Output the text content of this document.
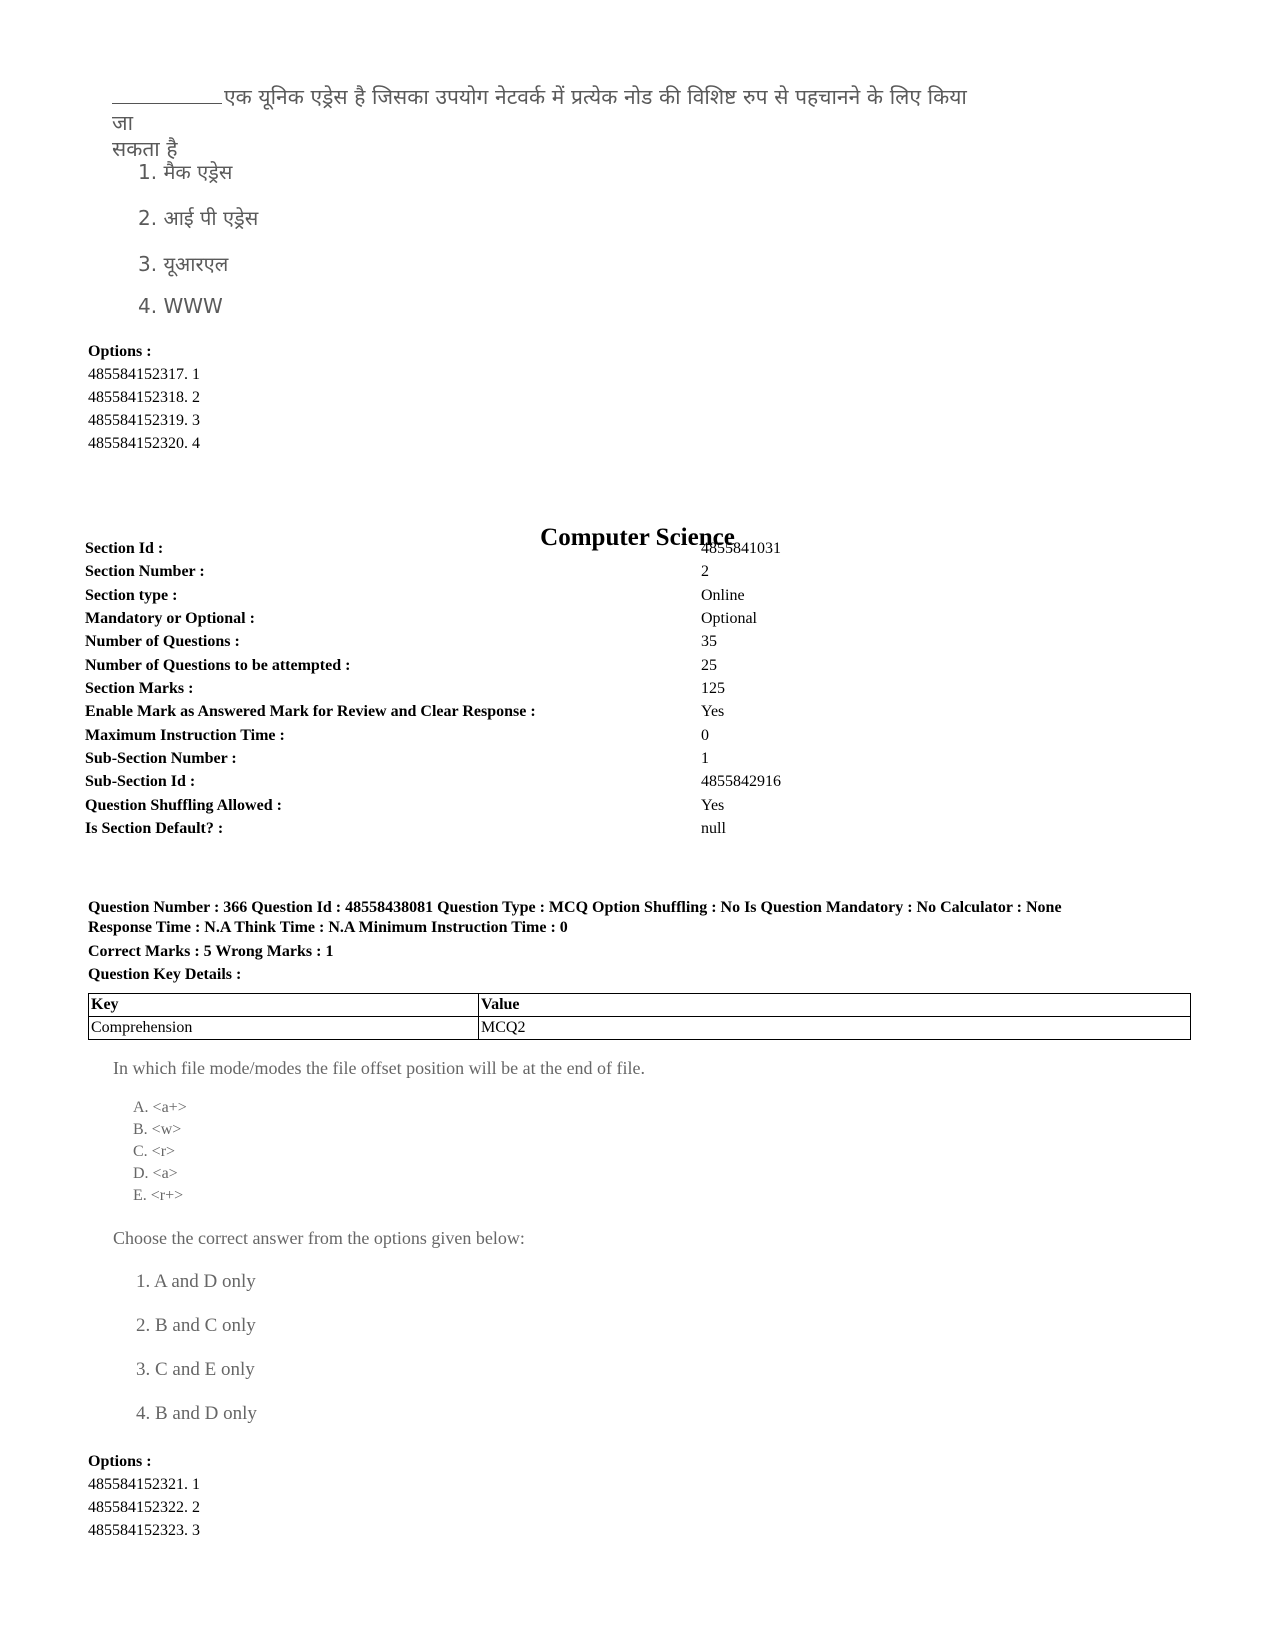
एक यूनिक एड्रेस है जिसका उपयोग नेटवर्क में प्रत्येक नोड की विशिष्ट रुप से पहचानने के लिए किया जा
सकता है
1. मैक एड्रेस
2. आई पी एड्रेस
3. यूआरएल
4. WWW
Options :
485584152317. 1
485584152318. 2
485584152319. 3
485584152320. 4
Computer Science
Section Id :	4855841031
Section Number :	2
Section type :	Online
Mandatory or Optional :	Optional
Number of Questions :	35
Number of Questions to be attempted :	25
Section Marks :	125
Enable Mark as Answered Mark for Review and Clear Response :	Yes
Maximum Instruction Time :	0
Sub-Section Number :	1
Sub-Section Id :	4855842916
Question Shuffling Allowed :	Yes
Is Section Default? :	null
Question Number : 366 Question Id : 48558438081 Question Type : MCQ Option Shuffling : No Is Question Mandatory : No Calculator : None
Response Time : N.A Think Time : N.A Minimum Instruction Time : 0
Correct Marks : 5 Wrong Marks : 1
Question Key Details :
Key	Value
Comprehension	MCQ2
In which file mode/modes the file offset position will be at the end of file.
A. <a+>
B. <w>
C. <r>
D. <a>
E. <r+>
Choose the correct answer from the options given below:
1. A and D only
2. B and C only
3. C and E only
4. B and D only
Options :
485584152321. 1
485584152322. 2
485584152323. 3
